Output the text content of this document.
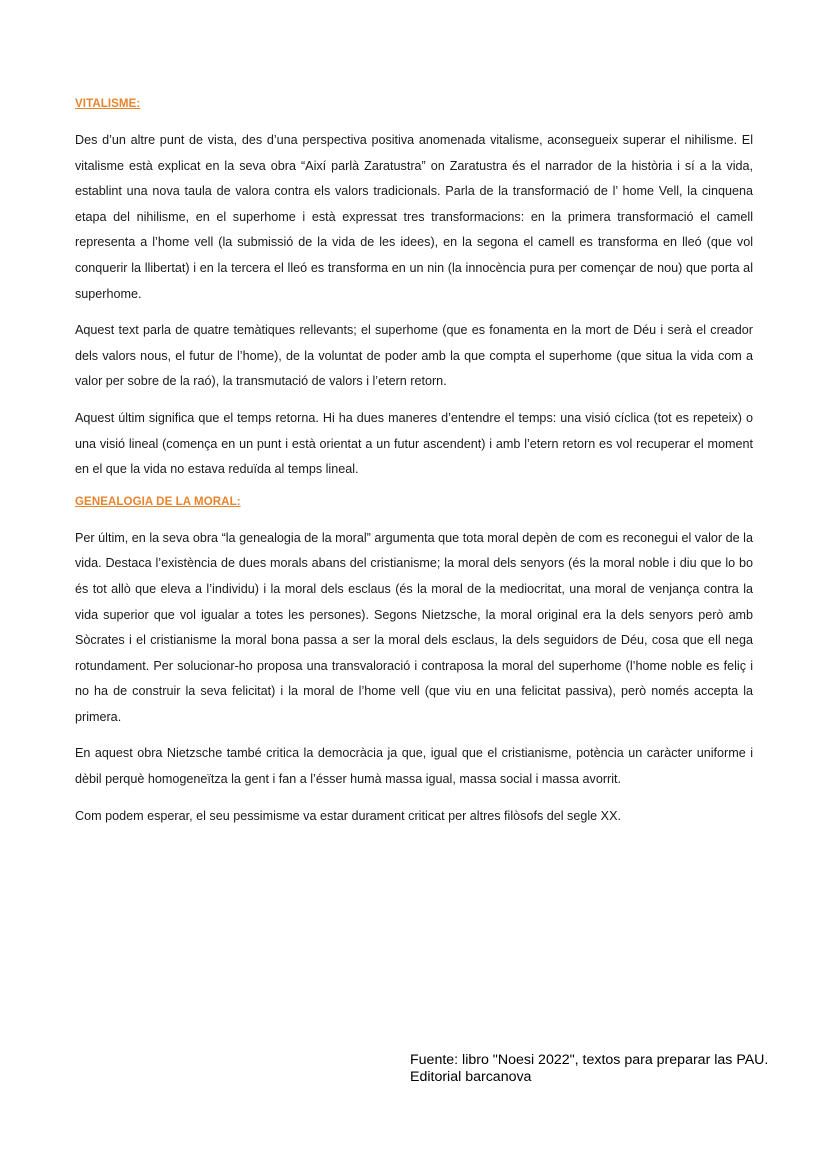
VITALISME:

Des d’un altre punt de vista, des d’una perspectiva positiva anomenada vitalisme, aconsegueix superar el nihilisme. El vitalisme està explicat en la seva obra “Així parlà Zaratustra” on Zaratustra és el narrador de la història i sí a la vida, establint una nova taula de valora contra els valors tradicionals. Parla de la transformació de l’ home Vell, la cinquena etapa del nihilisme, en el superhome i està expressat tres transformacions: en la primera transformació el camell representa a l’home vell (la submissió de la vida de les idees), en la segona el camell es transforma en lleó (que vol conquerir la llibertat) i en la tercera el lleó es transforma en un nin (la innocència pura per començar de nou) que porta al superhome.

Aquest text parla de quatre temàtiques rellevants; el superhome (que es fonamenta en la mort de Déu i serà el creador dels valors nous, el futur de l’home), de la voluntat de poder amb la que compta el superhome (que situa la vida com a valor per sobre de la raó), la transmutació de valors i l’etern retorn.

Aquest últim significa que el temps retorna. Hi ha dues maneres d’entendre el temps: una visió cíclica (tot es repeteix) o una visió lineal (comença en un punt i està orientat a un futur ascendent) i amb l’etern retorn es vol recuperar el moment en el que la vida no estava reduïda al temps lineal.

GENEALOGIA DE LA MORAL:

Per últim, en la seva obra “la genealogia de la moral” argumenta que tota moral depèn de com es reconegui el valor de la vida. Destaca l’existència de dues morals abans del cristianisme; la moral dels senyors (és la moral noble i diu que lo bo és tot allò que eleva a l’individu) i la moral dels esclaus (és la moral de la mediocritat, una moral de venjança contra la vida superior que vol igualar a totes les persones). Segons Nietzsche, la moral original era la dels senyors però amb Sòcrates i el cristianisme la moral bona passa a ser la moral dels esclaus, la dels seguidors de Déu, cosa que ell nega rotundament. Per solucionar-ho proposa una transvaloració i contraposa la moral del superhome (l’home noble es feliç i no ha de construir la seva felicitat) i la moral de l’home vell (que viu en una felicitat passiva), però només accepta la primera.

En aquest obra Nietzsche també critica la democràcia ja que, igual que el cristianisme, potència un caràcter uniforme i dèbil perquè homogeneïtza la gent i fan a l’ésser humà massa igual, massa social i massa avorrit.

Com podem esperar, el seu pessimisme va estar durament criticat per altres filòsofs del segle XX.

Fuente: libro "Noesi 2022", textos para preparar las PAU.
Editorial barcanova
